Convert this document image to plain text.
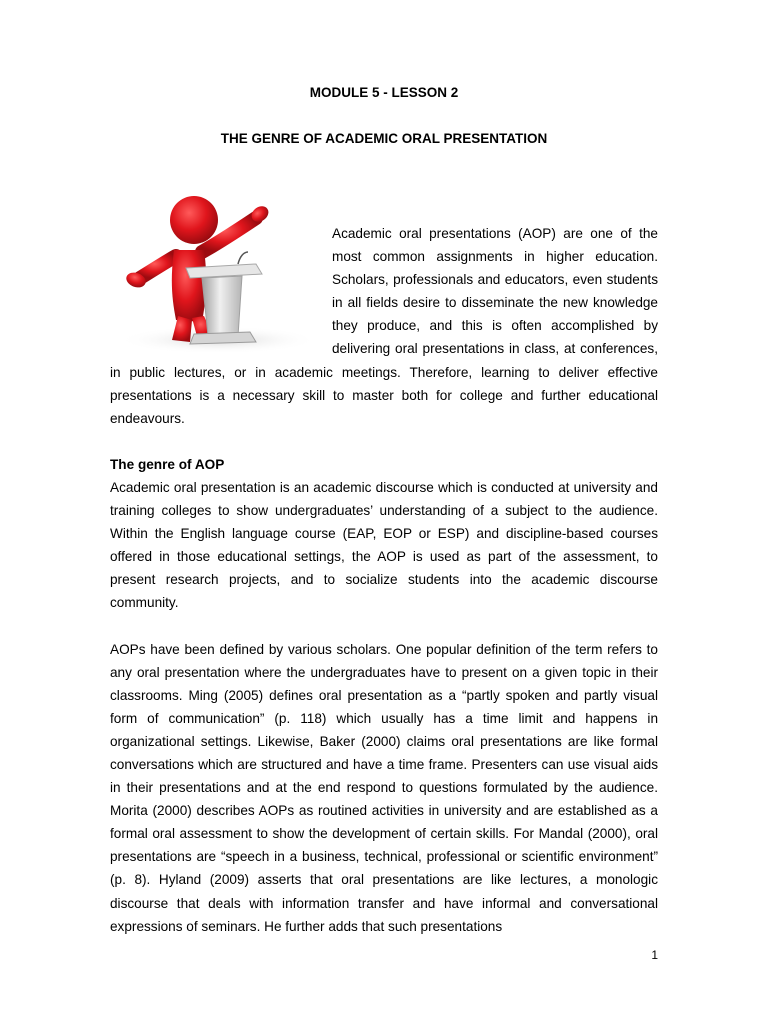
MODULE 5 - LESSON 2

THE GENRE OF ACADEMIC ORAL PRESENTATION

Academic oral presentations (AOP) are one of the most common assignments in higher education. Scholars, professionals and educators, even students in all fields desire to disseminate the new knowledge they produce, and this is often accomplished by delivering oral presentations in class, at conferences, in public lectures, or in academic meetings. Therefore, learning to deliver effective presentations is a necessary skill to master both for college and further educational endeavours.

The genre of AOP

Academic oral presentation is an academic discourse which is conducted at university and training colleges to show undergraduates’ understanding of a subject to the audience. Within the English language course (EAP, EOP or ESP) and discipline-based courses offered in those educational settings, the AOP is used as part of the assessment, to present research projects, and to socialize students into the academic discourse community.

AOPs have been defined by various scholars. One popular definition of the term refers to any oral presentation where the undergraduates have to present on a given topic in their classrooms. Ming (2005) defines oral presentation as a “partly spoken and partly visual form of communication” (p. 118) which usually has a time limit and happens in organizational settings. Likewise, Baker (2000) claims oral presentations are like formal conversations which are structured and have a time frame. Presenters can use visual aids in their presentations and at the end respond to questions formulated by the audience. Morita (2000) describes AOPs as routined activities in university and are established as a formal oral assessment to show the development of certain skills. For Mandal (2000), oral presentations are “speech in a business, technical, professional or scientific environment” (p. 8). Hyland (2009) asserts that oral presentations are like lectures, a monologic discourse that deals with information transfer and have informal and conversational expressions of seminars. He further adds that such presentations

1
